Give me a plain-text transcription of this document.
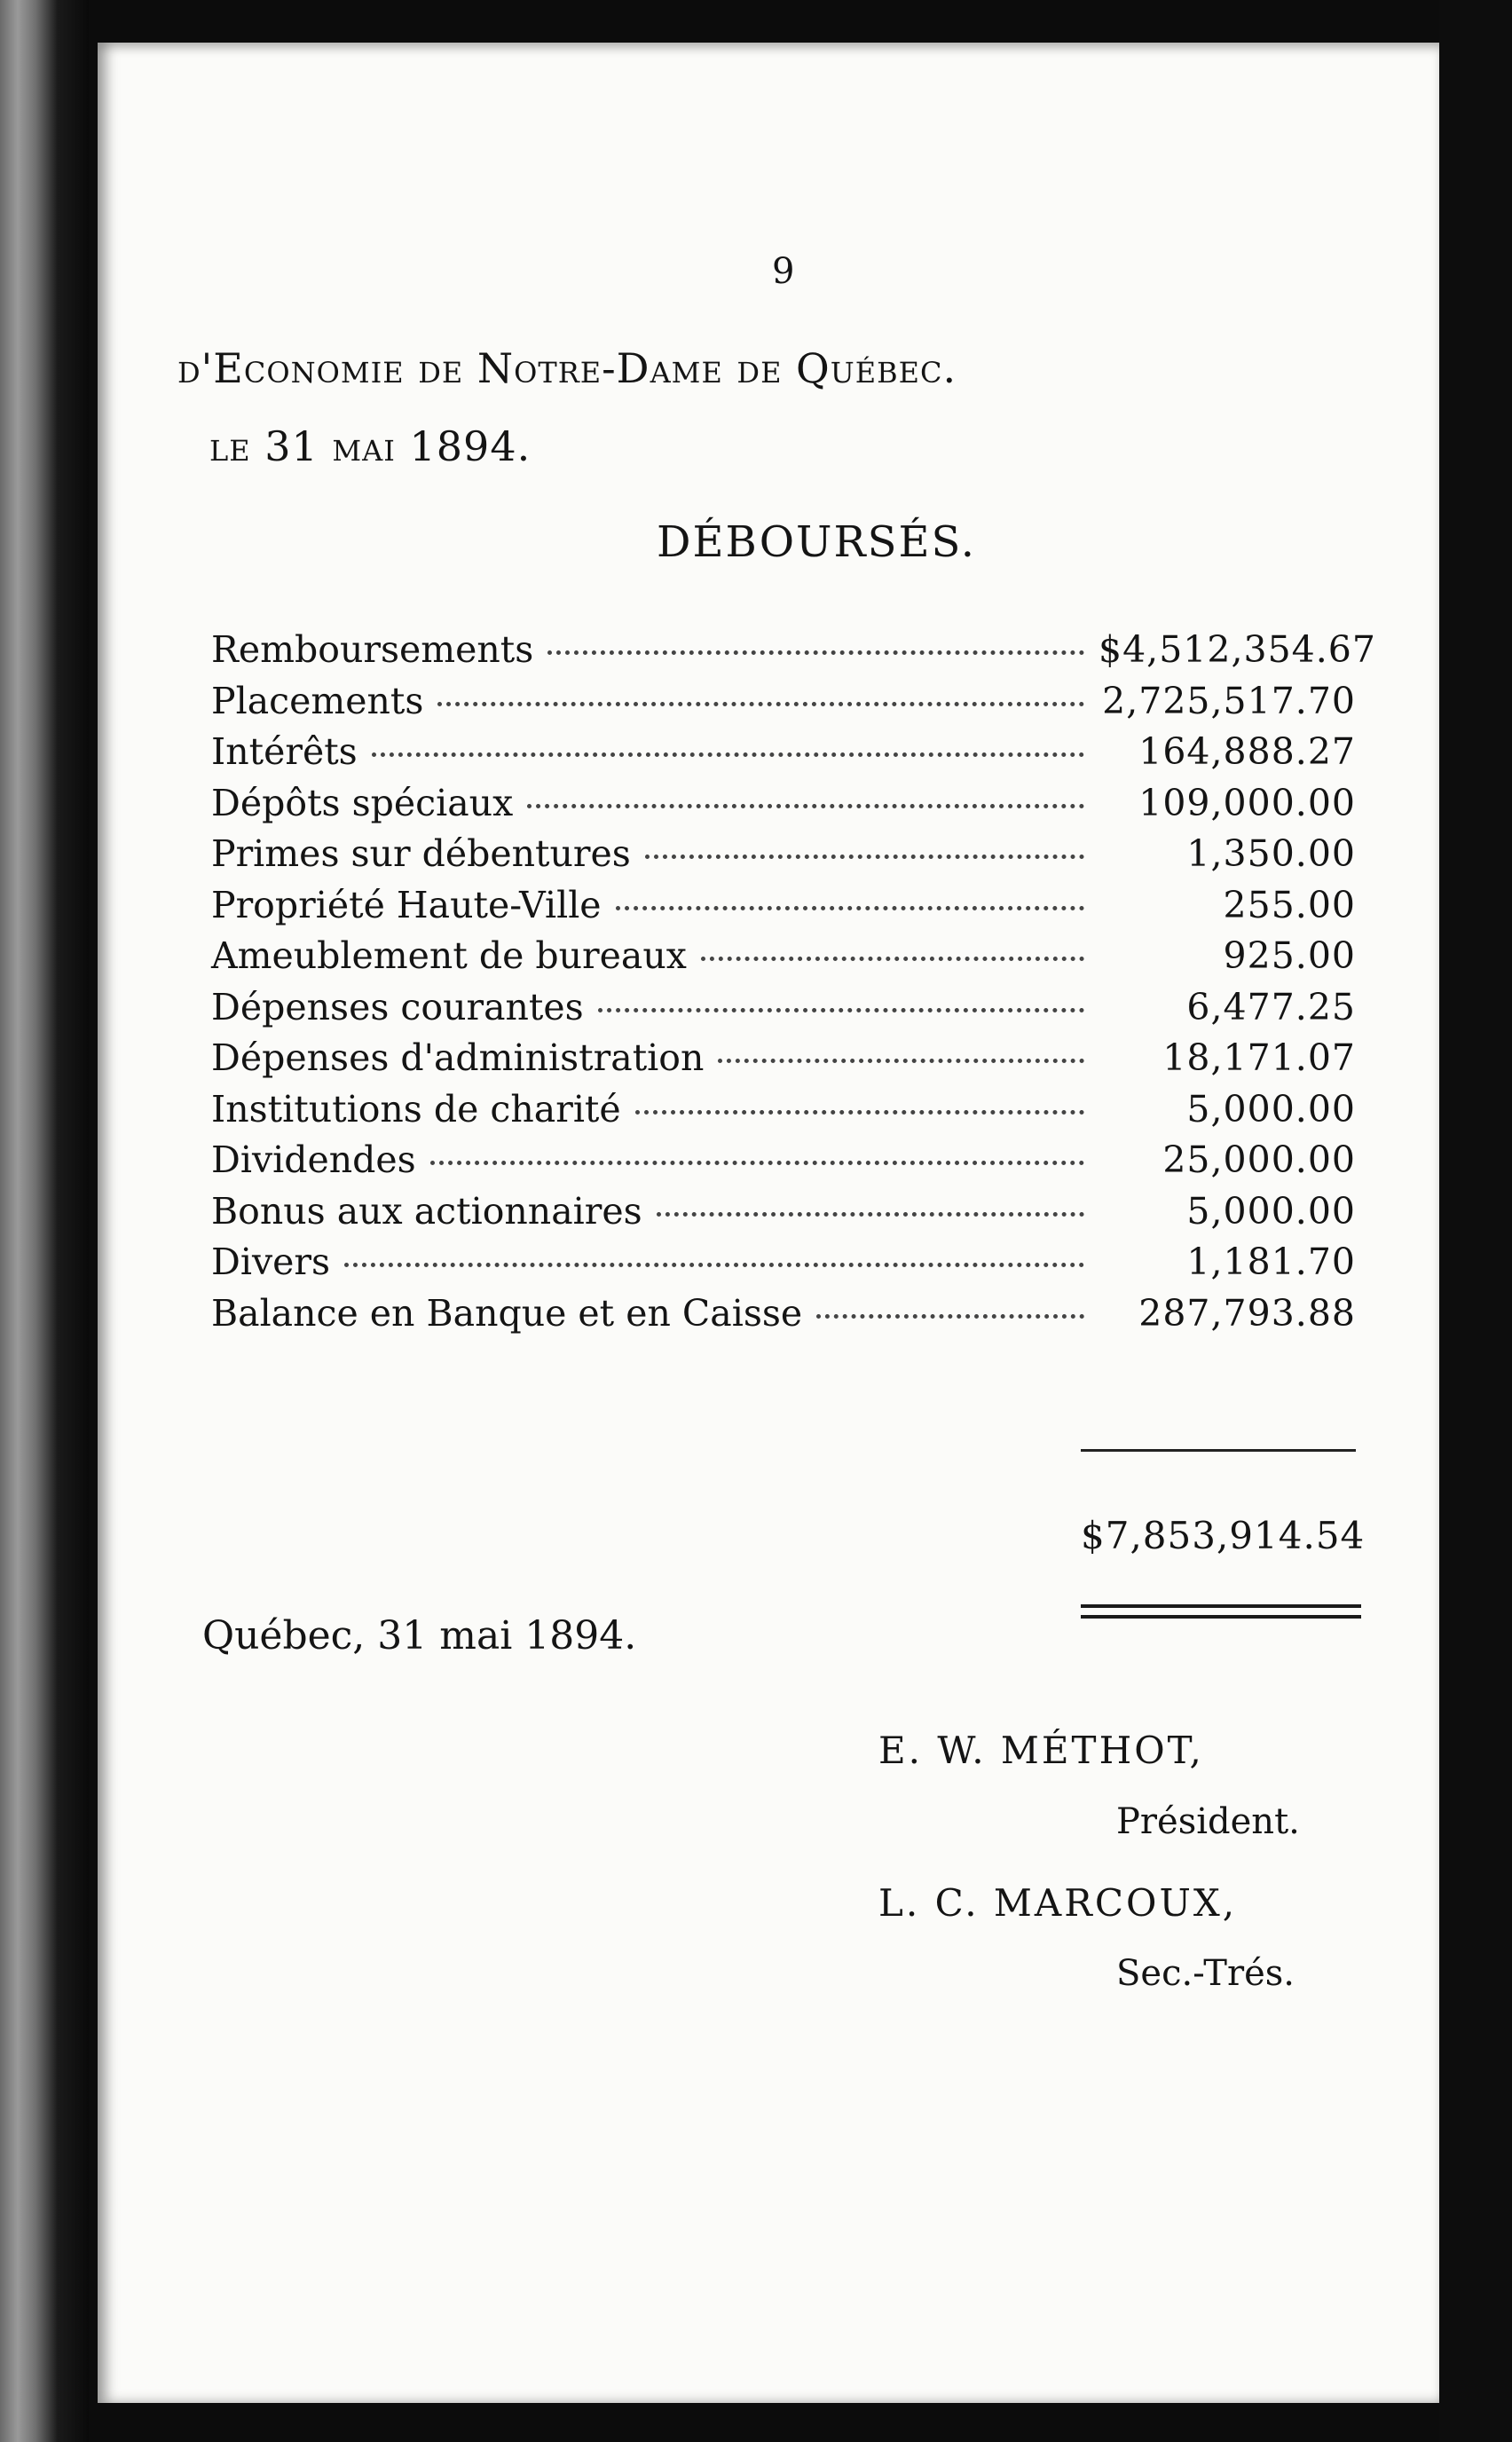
9
d'Economie de Notre-Dame de Québec.
le 31 mai 1894.
DÉBOURSÉS.
Remboursements	$4,512,354.67
Placements	2,725,517.70
Intérêts	164,888.27
Dépôts spéciaux	109,000.00
Primes sur débentures	1,350.00
Propriété Haute-Ville	255.00
Ameublement de bureaux	925.00
Dépenses courantes	6,477.25
Dépenses d'administration	18,171.07
Institutions de charité	5,000.00
Dividendes	25,000.00
Bonus aux actionnaires	5,000.00
Divers	1,181.70
Balance en Banque et en Caisse	287,793.88
$7,853,914.54
Québec, 31 mai 1894.
E. W. MÉTHOT,
Président.
L. C. MARCOUX,
Sec.-Trés.
